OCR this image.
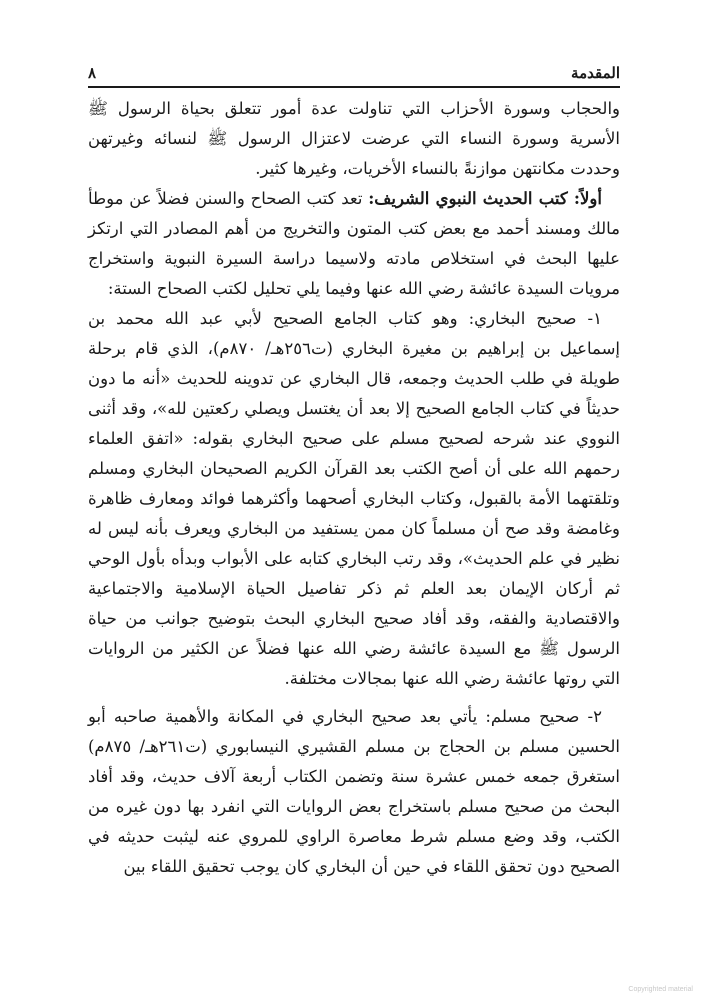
المقدمة
٨

والحجاب وسورة الأحزاب التي تناولت عدة أمور تتعلق بحياة الرسول ﷺ الأسرية وسورة النساء التي عرضت لاعتزال الرسول ﷺ لنسائه وغيرتهن وحددت مكانتهن موازنةً بالنساء الأخريات، وغيرها كثير.

أولاً: كتب الحديث النبوي الشريف: تعد كتب الصحاح والسنن فضلاً عن موطأ مالك ومسند أحمد مع بعض كتب المتون والتخريج من أهم المصادر التي ارتكز عليها البحث في استخلاص مادته ولاسيما دراسة السيرة النبوية واستخراج مرويات السيدة عائشة رضي الله عنها وفيما يلي تحليل لكتب الصحاح الستة:

١- صحيح البخاري: وهو كتاب الجامع الصحيح لأبي عبد الله محمد بن إسماعيل بن إبراهيم بن مغيرة البخاري (ت٢٥٦هـ/ ٨٧٠م)، الذي قام برحلة طويلة في طلب الحديث وجمعه، قال البخاري عن تدوينه للحديث «أنه ما دون حديثاً في كتاب الجامع الصحيح إلا بعد أن يغتسل ويصلي ركعتين لله»، وقد أثنى النووي عند شرحه لصحيح مسلم على صحيح البخاري بقوله: «اتفق العلماء رحمهم الله على أن أصح الكتب بعد القرآن الكريم الصحيحان البخاري ومسلم وتلقتهما الأمة بالقبول، وكتاب البخاري أصحهما وأكثرهما فوائد ومعارف ظاهرة وغامضة وقد صح أن مسلماً كان ممن يستفيد من البخاري ويعرف بأنه ليس له نظير في علم الحديث»، وقد رتب البخاري كتابه على الأبواب وبدأه بأول الوحي ثم أركان الإيمان بعد العلم ثم ذكر تفاصيل الحياة الإسلامية والاجتماعية والاقتصادية والفقه، وقد أفاد صحيح البخاري البحث بتوضيح جوانب من حياة الرسول ﷺ مع السيدة عائشة رضي الله عنها فضلاً عن الكثير من الروايات التي روتها عائشة رضي الله عنها بمجالات مختلفة.

٢- صحيح مسلم: يأتي بعد صحيح البخاري في المكانة والأهمية صاحبه أبو الحسين مسلم بن الحجاج بن مسلم القشيري النيسابوري (ت٢٦١هـ/ ٨٧٥م) استغرق جمعه خمس عشرة سنة وتضمن الكتاب أربعة آلاف حديث، وقد أفاد البحث من صحيح مسلم باستخراج بعض الروايات التي انفرد بها دون غيره من الكتب، وقد وضع مسلم شرط معاصرة الراوي للمروي عنه ليثبت حديثه في الصحيح دون تحقق اللقاء في حين أن البخاري كان يوجب تحقيق اللقاء بين

Copyrighted material
